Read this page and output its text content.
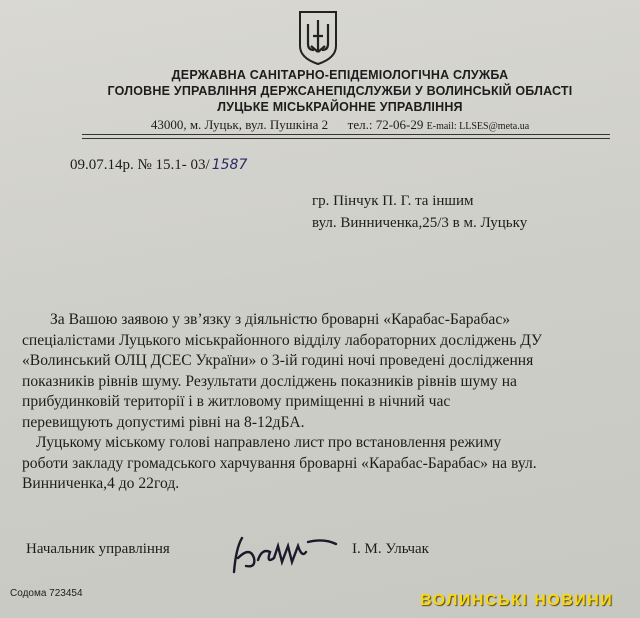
ДЕРЖАВНА САНІТАРНО-ЕПІДЕМІОЛОГІЧНА СЛУЖБА
ГОЛОВНЕ УПРАВЛІННЯ ДЕРЖСАНЕПІДСЛУЖБИ У ВОЛИНСЬКІЙ ОБЛАСТІ
ЛУЦЬКЕ МІСЬКРАЙОННЕ УПРАВЛІННЯ
43000, м. Луцьк, вул. Пушкіна 2 тел.: 72-06-29 E-mail: LLSES@meta.ua
09.07.14р. № 15.1- 03/ 1587
гр. Пінчук П. Г. та іншим
вул. Винниченка,25/3 в м. Луцьку
За Вашою заявою у зв’язку з діяльністю броварні «Карабас-Барабас»
спеціалістами Луцького міськрайонного відділу лабораторних досліджень ДУ
«Волинський ОЛЦ ДСЕС України» о 3-ій годині ночі проведені дослідження
показників рівнів шуму. Результати досліджень показників рівнів шуму на
прибудинковій території і в житловому приміщенні в нічний час
перевищують допустимі рівні на 8-12дБА.
Луцькому міському голові направлено лист про встановлення режиму
роботи закладу громадського харчування броварні «Карабас-Барабас» на вул.
Винниченка,4 до 22год.
Начальник управління	І. М. Ульчак
Содома 723454	ВОЛИНСЬКІ НОВИНИ
